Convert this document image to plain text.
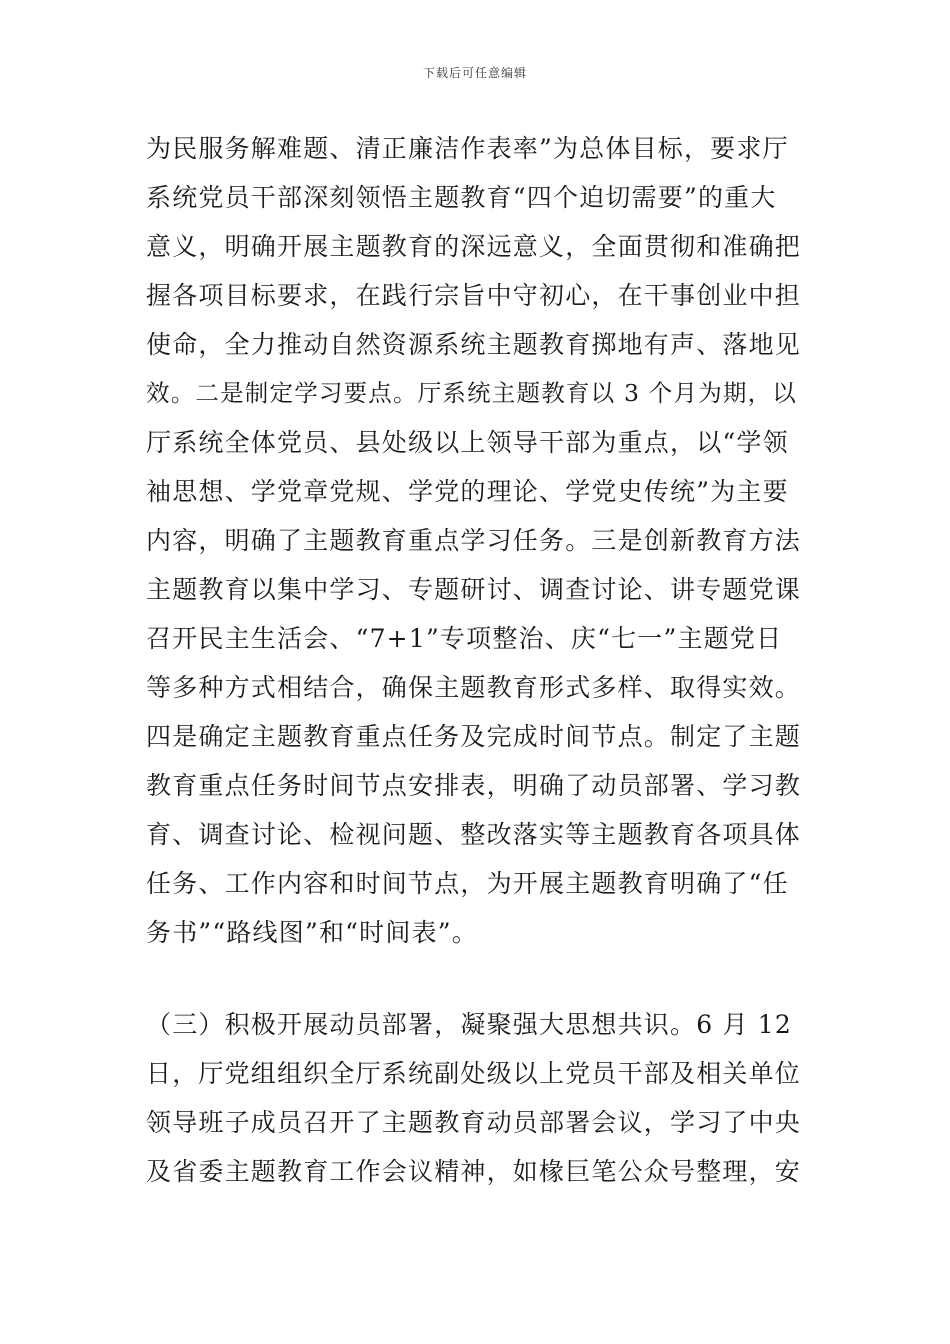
下载后可任意编辑
为民服务解难题、清正廉洁作表率”为总体目标，要求厅
系统党员干部深刻领悟主题教育“四个迫切需要”的重大
意义，明确开展主题教育的深远意义，全面贯彻和准确把
握各项目标要求，在践行宗旨中守初心，在干事创业中担
使命，全力推动自然资源系统主题教育掷地有声、落地见
效。二是制定学习要点。厅系统主题教育以 3 个月为期，以
厅系统全体党员、县处级以上领导干部为重点，以“学领
袖思想、学党章党规、学党的理论、学党史传统”为主要
内容，明确了主题教育重点学习任务。三是创新教育方法
主题教育以集中学习、专题研讨、调查讨论、讲专题党课
召开民主生活会、“7+1”专项整治、庆“七一”主题党日
等多种方式相结合，确保主题教育形式多样、取得实效。
四是确定主题教育重点任务及完成时间节点。制定了主题
教育重点任务时间节点安排表，明确了动员部署、学习教
育、调查讨论、检视问题、整改落实等主题教育各项具体
任务、工作内容和时间节点，为开展主题教育明确了“任
务书”“路线图”和“时间表”。
（三）积极开展动员部署，凝聚强大思想共识。6 月 12
日，厅党组组织全厅系统副处级以上党员干部及相关单位
领导班子成员召开了主题教育动员部署会议，学习了中央
及省委主题教育工作会议精神，如椽巨笔公众号整理，安
